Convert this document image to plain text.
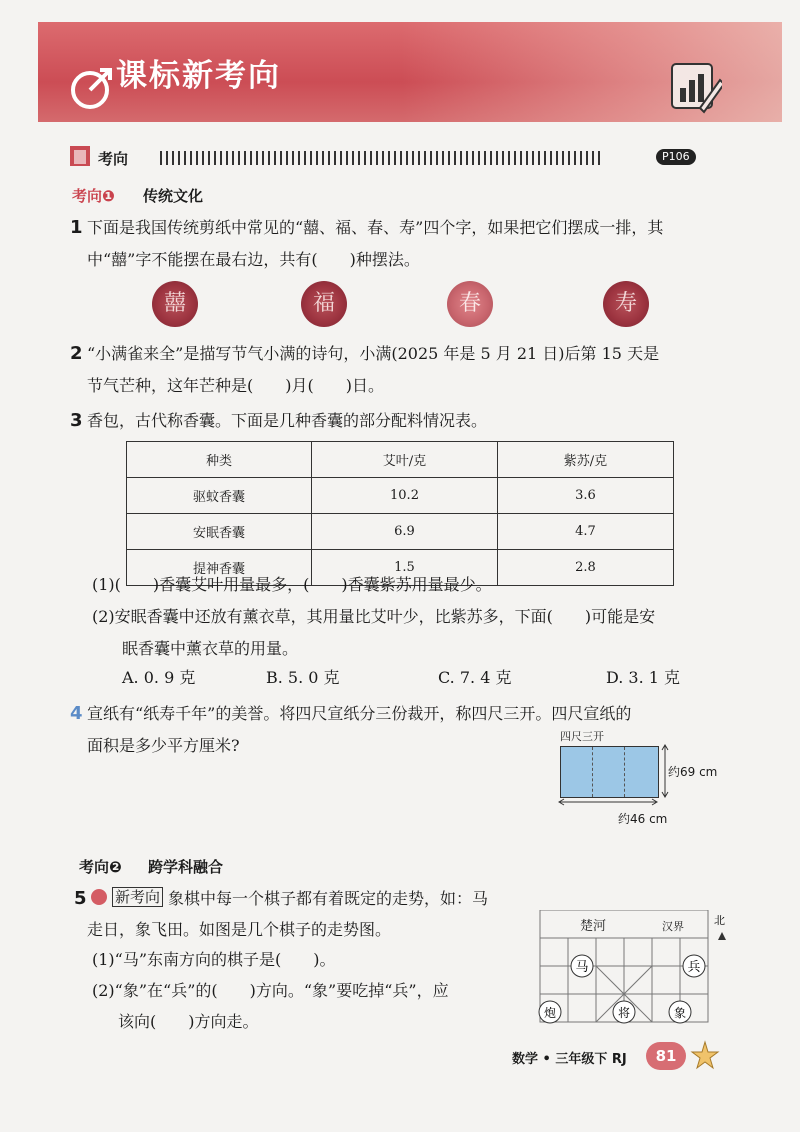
课标新考向
考向	P106
考向❶ 传统文化
1 下面是我国传统剪纸中常见的“囍、福、春、寿”四个字，如果把它们摆成一排，其
中“囍”字不能摆在最右边，共有(　　)种摆法。
囍	福	春	寿
2 “小满雀来全”是描写节气小满的诗句，小满(2025 年是 5 月 21 日)后第 15 天是
节气芒种，这年芒种是(　　)月(　　)日。
3 香包，古代称香囊。下面是几种香囊的部分配料情况表。
种类	艾叶/克	紫苏/克
驱蚊香囊	10.2	3.6
安眠香囊	6.9	4.7
提神香囊	1.5	2.8
(1)(　　)香囊艾叶用量最多，(　　)香囊紫苏用量最少。
(2)安眠香囊中还放有薰衣草，其用量比艾叶少，比紫苏多，下面(　　)可能是安
眠香囊中薰衣草的用量。
A. 0. 9 克	B. 5. 0 克	C. 7. 4 克	D. 3. 1 克
4 宣纸有“纸寿千年”的美誉。将四尺宣纸分三份裁开，称四尺三开。四尺宣纸的
面积是多少平方厘米?	四尺三开
约69 cm
约46 cm
考向❷ 跨学科融合
5 新考向 象棋中每一个棋子都有着既定的走势，如：马
走日，象飞田。如图是几个棋子的走势图。
(1)“马”东南方向的棋子是(　　)。
(2)“象”在“兵”的(　　)方向。“象”要吃掉“兵”，应
该向(　　)方向走。
楚河	汉界
马	兵
炮	将	象
北
数学 • 三年级下 RJ	81
